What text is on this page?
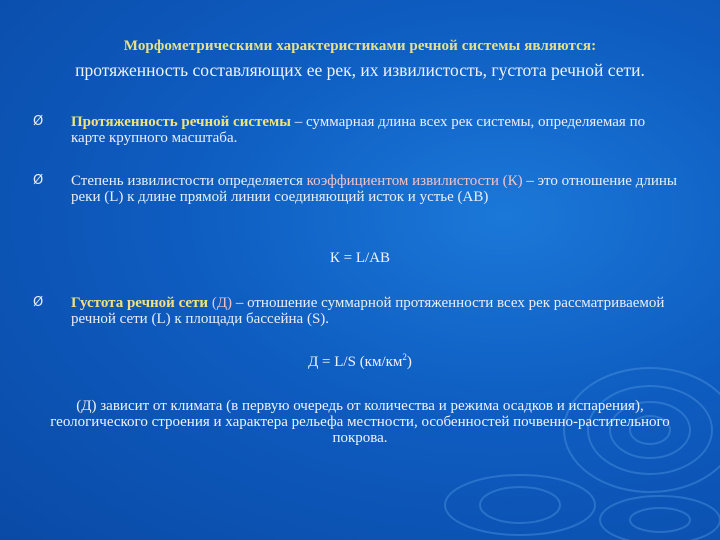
Морфометрическими характеристиками речной системы являются:
протяженность составляющих ее рек, их извилистость, густота речной сети.
Ø Протяженность речной системы – суммарная длина всех рек системы, определяемая по карте крупного масштаба.
Ø Степень извилистости определяется коэффициентом извилистости (К) – это отношение длины реки (L) к длине прямой линии соединяющий исток и устье (АВ)
К = L/AB
Ø Густота речной сети (Д) – отношение суммарной протяженности всех рек рассматриваемой речной сети (L) к площади бассейна (S).
Д = L/S $(км/км^2)$
(Д) зависит от климата (в первую очередь от количества и режима осадков и испарения), геологического строения и характера рельефа местности, особенностей почвенно-растительного покрова.
